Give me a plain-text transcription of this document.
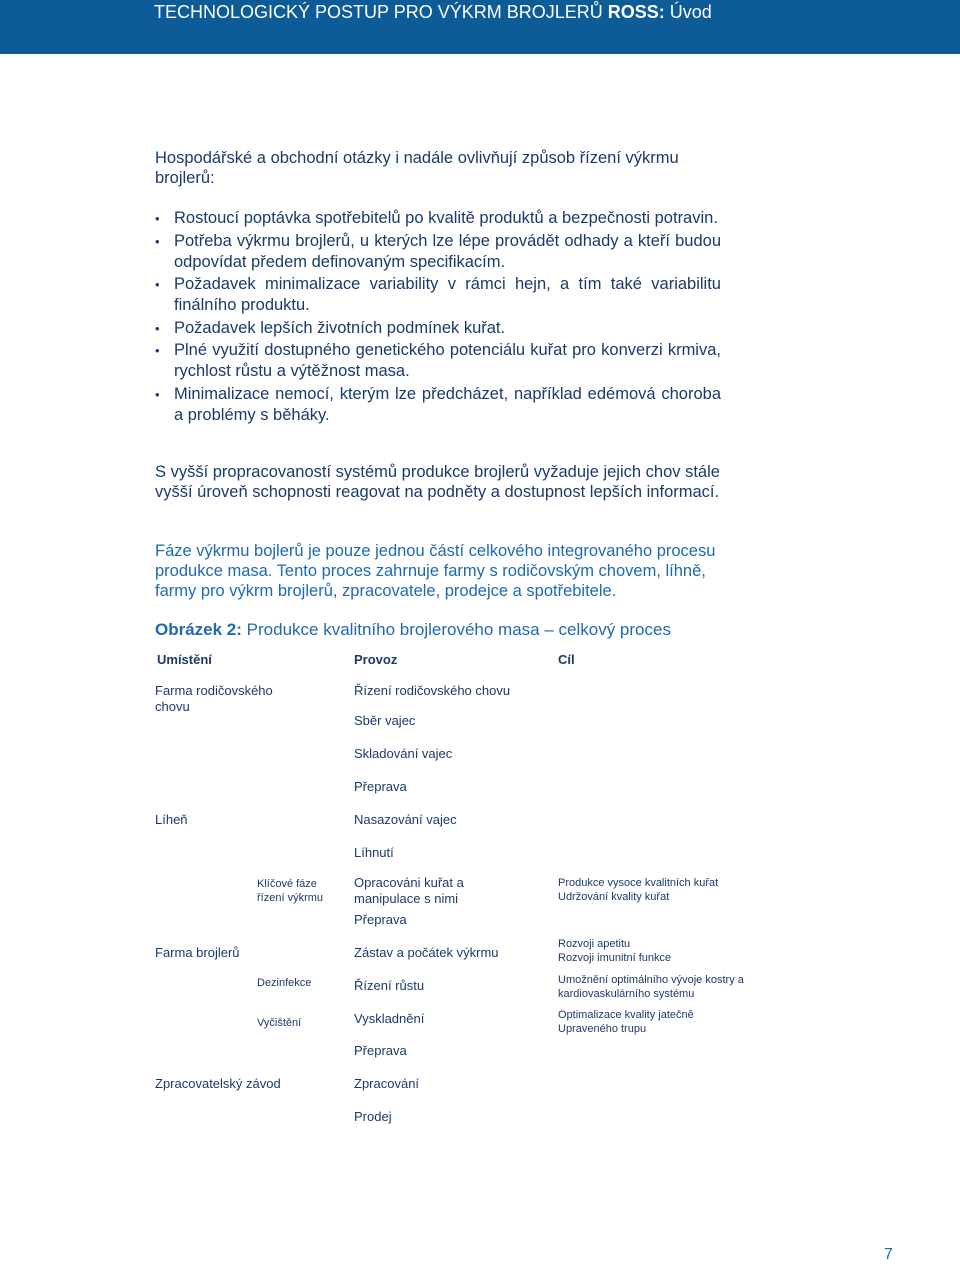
TECHNOLOGICKÝ POSTUP PRO VÝKRM BROJLERŮ ROSS: Úvod

Hospodářské a obchodní otázky i nadále ovlivňují způsob řízení výkrmu brojlerů:

• Rostoucí poptávka spotřebitelů po kvalitě produktů a bezpečnosti potravin.
• Potřeba výkrmu brojlerů, u kterých lze lépe provádět odhady a kteří budou odpovídat předem definovaným specifikacím.
• Požadavek minimalizace variability v rámci hejn, a tím také variabilitu finálního produktu.
• Požadavek lepších životních podmínek kuřat.
• Plné využití dostupného genetického potenciálu kuřat pro konverzi krmiva, rychlost růstu a výtěžnost masa.
• Minimalizace nemocí, kterým lze předcházet, například edémová choroba a problémy s běháky.

S vyšší propracovaností systémů produkce brojlerů vyžaduje jejich chov stále vyšší úroveň schopnosti reagovat na podněty a dostupnost lepších informací.

Fáze výkrmu bojlerů je pouze jednou částí celkového integrovaného procesu produkce masa. Tento proces zahrnuje farmy s rodičovským chovem, líhně, farmy pro výkrm brojlerů, zpracovatele, prodejce a spotřebitele.

Obrázek 2: Produkce kvalitního brojlerového masa – celkový proces
Umístění	Provoz	Cíl
Farma rodičovského chovu
Líheň
Farma brojlerů
Zpracovatelský závod
Klíčové fáze řízení výkrmu
Dezinfekce
Vyčištění
Řízení rodičovského chovu
Sběr vajec
Skladování vajec
Přeprava
Nasazování vajec
Líhnutí
Opracováni kuřat a manipulace s nimi
Přeprava
Zástav a počátek výkrmu
Řízení růstu
Vyskladnění
Přeprava
Zpracování
Prodej
Produkce vysoce kvalitních kuřat
Udržování kvality kuřat
Rozvoji apetitu
Rozvoji imunitní funkce
Umožnění optimálního vývoje kostry a kardiovaskulárního systému
Optimalizace kvality jatečně
Upraveného trupu
7
